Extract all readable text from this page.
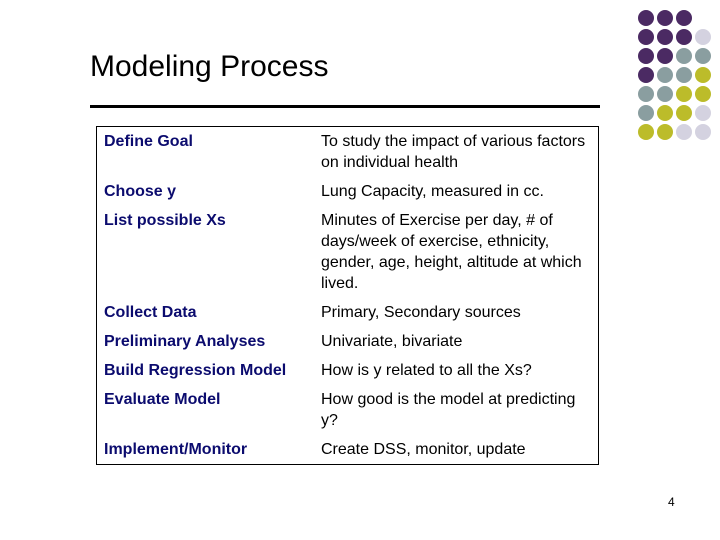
Modeling Process
Define Goal	To study the impact of various factors on individual health
Choose y	Lung Capacity, measured in cc.
List possible Xs	Minutes of Exercise per day, # of days/week of exercise, ethnicity, gender, age, height, altitude at which lived.
Collect Data	Primary, Secondary sources
Preliminary Analyses	Univariate, bivariate
Build Regression Model	How is y related to all the Xs?
Evaluate Model	How good is the model at predicting y?
Implement/Monitor	Create DSS, monitor, update
4
